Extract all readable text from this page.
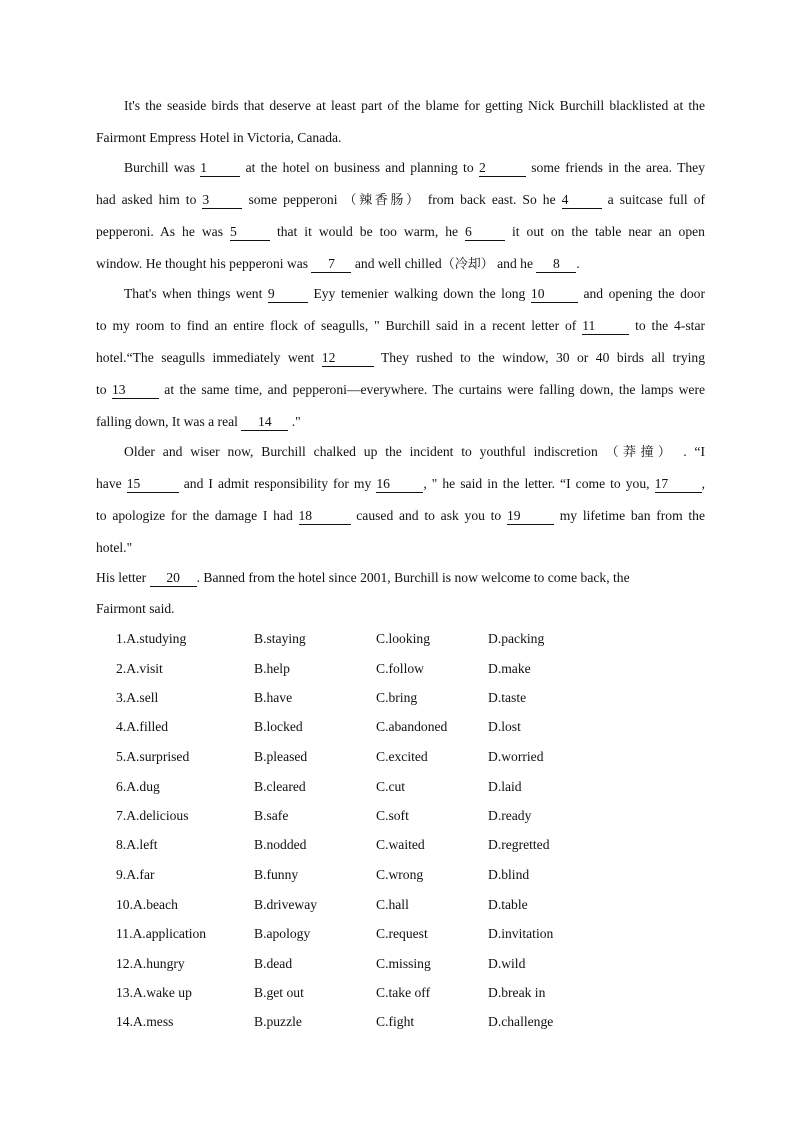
It's the seaside birds that deserve at least part of the blame for getting Nick Burchill blacklisted at the
Fairmont Empress Hotel in Victoria, Canada.
Burchill was 1	at the hotel on business and planning to 2	some friends in the area. They
had asked him to 3	some pepperoni （辣香肠） from back east. So he 4	a suitcase full of
pepperoni. As he was 5	that it would be too warm, he 6	it out on the table near an open
window. He thought his pepperoni was 7 and well chilled（冷却） and he 8 .
That's when things went 9	Eyy temenier walking down the long 10	and opening the door
to my room to find an entire flock of seagulls, " Burchill said in a recent letter of 11	to the 4-star
hotel.“The seagulls immediately went 12	They rushed to the window, 30 or 40 birds all trying
to 13	at the same time, and pepperoni—everywhere. The curtains were falling down, the lamps were
falling down, It was a real 14 ."
Older and wiser now, Burchill chalked up the incident to youthful indiscretion （莽撞） . “I
have 15	and I admit responsibility for my 16 , " he said in the letter. “I come to you, 17 ,
to apologize for the damage I had 18	caused and to ask you to 19	my lifetime ban from the
hotel."
His letter 20 . Banned from the hotel since 2001, Burchill is now welcome to come back, the
Fairmont said.
1.A.studying	B.staying	C.looking	D.packing
2.A.visit	B.help	C.follow	D.make
3.A.sell	B.have	C.bring	D.taste
4.A.filled	B.locked	C.abandoned	D.lost
5.A.surprised	B.pleased	C.excited	D.worried
6.A.dug	B.cleared	C.cut	D.laid
7.A.delicious	B.safe	C.soft	D.ready
8.A.left	B.nodded	C.waited	D.regretted
9.A.far	B.funny	C.wrong	D.blind
10.A.beach	B.driveway	C.hall	D.table
11.A.application	B.apology	C.request	D.invitation
12.A.hungry	B.dead	C.missing	D.wild
13.A.wake up	B.get out	C.take off	D.break in
14.A.mess	B.puzzle	C.fight	D.challenge
